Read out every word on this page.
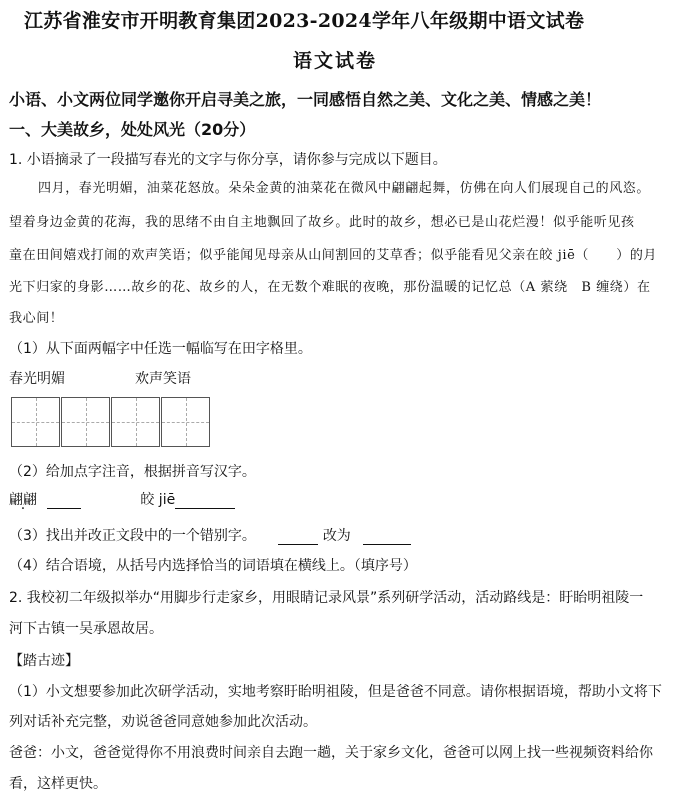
江苏省淮安市开明教育集团2023-2024学年八年级期中语文试卷
语文试卷
小语、小文两位同学邀你开启寻美之旅，一同感悟自然之美、文化之美、情感之美！
一、大美故乡，处处风光（20分）
1. 小语摘录了一段描写春光的文字与你分享，请你参与完成以下题目。
四月，春光明媚，油菜花怒放。朵朵金黄的油菜花在微风中翩翩起舞，仿佛在向人们展现自己的风恣。
望着身边金黄的花海，我的思绪不由自主地飘回了故乡。此时的故乡，想必已是山花烂漫！似乎能听见孩
童在田间嬉戏打闹的欢声笑语；似乎能闻见母亲从山间割回的艾草香；似乎能看见父亲在皎 jiē（　　）的月
光下归家的身影……故乡的花、故乡的人，在无数个难眠的夜晚，那份温暖的记忆总（A 萦绕　B 缠绕）在
我心间！
（1）从下面两幅字中任选一幅临写在田字格里。
春光明媚	欢声笑语
（2）给加点字注音，根据拼音写汉字。
翩翩	皎 jiē
（3）找出并改正文段中的一个错别字。	改为
（4）结合语境，从括号内选择恰当的词语填在横线上。（填序号）
2. 我校初二年级拟举办“用脚步行走家乡，用眼睛记录风景”系列研学活动，活动路线是：盱眙明祖陵一
河下古镇一吴承恩故居。
【踏古迹】
（1）小文想要参加此次研学活动，实地考察盱眙明祖陵，但是爸爸不同意。请你根据语境，帮助小文将下
列对话补充完整，劝说爸爸同意她参加此次活动。
爸爸：小文，爸爸觉得你不用浪费时间亲自去跑一趟，关于家乡文化，爸爸可以网上找一些视频资料给你
看，这样更快。
